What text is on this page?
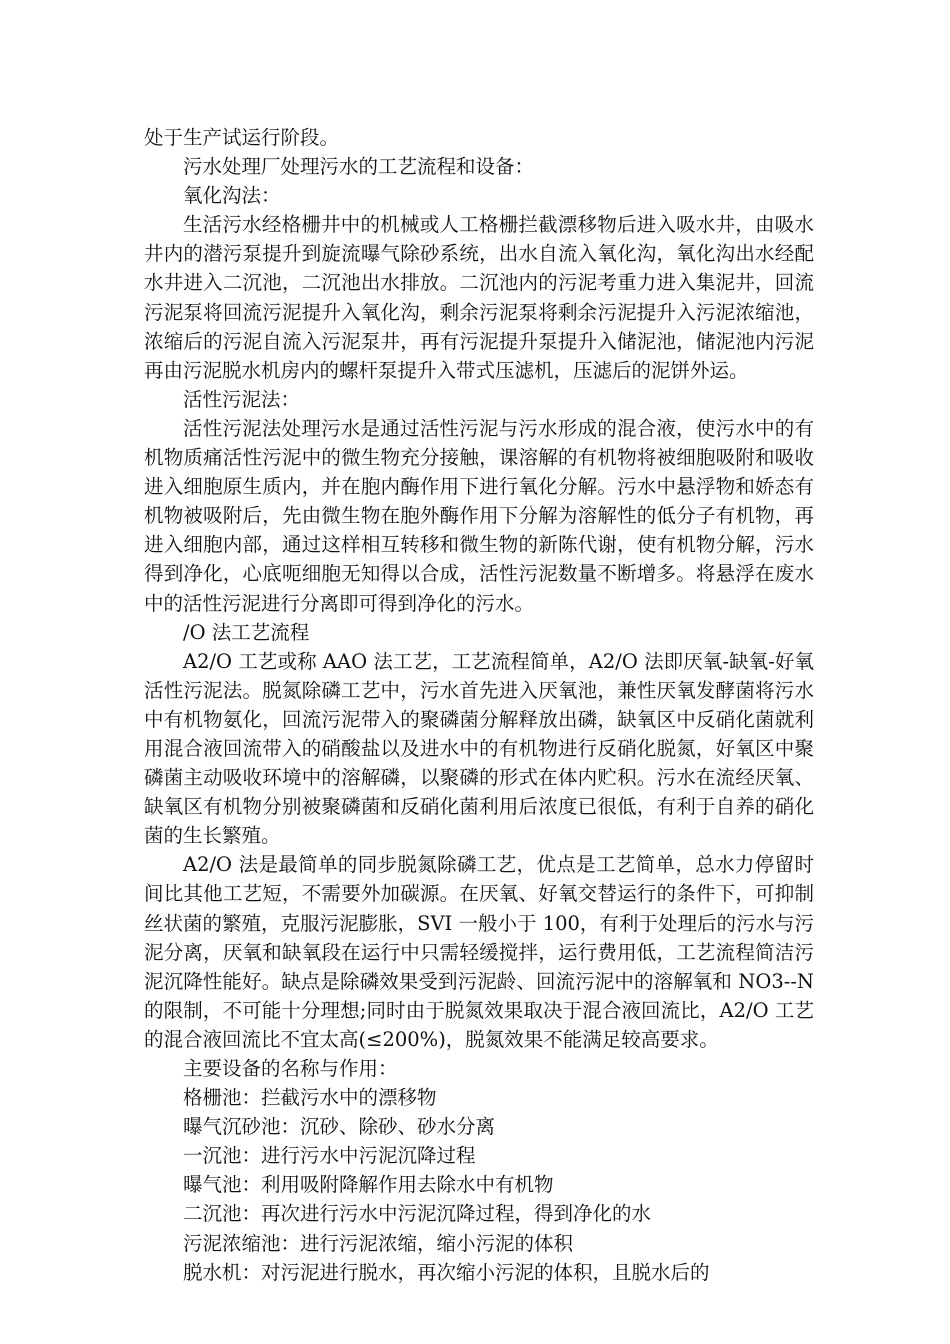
处于生产试运行阶段。

污水处理厂处理污水的工艺流程和设备：

氧化沟法：

生活污水经格栅井中的机械或人工格栅拦截漂移物后进入吸水井，由吸水井内的潜污泵提升到旋流曝气除砂系统，出水自流入氧化沟，氧化沟出水经配水井进入二沉池，二沉池出水排放。二沉池内的污泥考重力进入集泥井，回流污泥泵将回流污泥提升入氧化沟，剩余污泥泵将剩余污泥提升入污泥浓缩池，浓缩后的污泥自流入污泥泵井，再有污泥提升泵提升入储泥池，储泥池内污泥再由污泥脱水机房内的螺杆泵提升入带式压滤机，压滤后的泥饼外运。

活性污泥法：

活性污泥法处理污水是通过活性污泥与污水形成的混合液，使污水中的有机物质痛活性污泥中的微生物充分接触，课溶解的有机物将被细胞吸附和吸收进入细胞原生质内，并在胞内酶作用下进行氧化分解。污水中悬浮物和娇态有机物被吸附后，先由微生物在胞外酶作用下分解为溶解性的低分子有机物，再进入细胞内部，通过这样相互转移和微生物的新陈代谢，使有机物分解，污水得到净化，心底呃细胞无知得以合成，活性污泥数量不断增多。将悬浮在废水中的活性污泥进行分离即可得到净化的污水。

/O 法工艺流程

A2/O 工艺或称 AAO 法工艺，工艺流程简单，A2/O 法即厌氧-缺氧-好氧活性污泥法。脱氮除磷工艺中，污水首先进入厌氧池，兼性厌氧发酵菌将污水中有机物氨化，回流污泥带入的聚磷菌分解释放出磷，缺氧区中反硝化菌就利用混合液回流带入的硝酸盐以及进水中的有机物进行反硝化脱氮，好氧区中聚磷菌主动吸收环境中的溶解磷，以聚磷的形式在体内贮积。污水在流经厌氧、缺氧区有机物分别被聚磷菌和反硝化菌利用后浓度已很低，有利于自养的硝化菌的生长繁殖。

A2/O 法是最简单的同步脱氮除磷工艺，优点是工艺简单，总水力停留时间比其他工艺短，不需要外加碳源。在厌氧、好氧交替运行的条件下，可抑制丝状菌的繁殖，克服污泥膨胀，SVI 一般小于 100，有利于处理后的污水与污泥分离，厌氧和缺氧段在运行中只需轻缓搅拌，运行费用低，工艺流程简洁污泥沉降性能好。缺点是除磷效果受到污泥龄、回流污泥中的溶解氧和 NO3--N 的限制，不可能十分理想;同时由于脱氮效果取决于混合液回流比，A2/O 工艺的混合液回流比不宜太高(≤200%)，脱氮效果不能满足较高要求。

主要设备的名称与作用：

格栅池：拦截污水中的漂移物

曝气沉砂池：沉砂、除砂、砂水分离

一沉池：进行污水中污泥沉降过程

曝气池：利用吸附降解作用去除水中有机物

二沉池：再次进行污水中污泥沉降过程，得到净化的水

污泥浓缩池：进行污泥浓缩，缩小污泥的体积

脱水机：对污泥进行脱水，再次缩小污泥的体积，且脱水后的
